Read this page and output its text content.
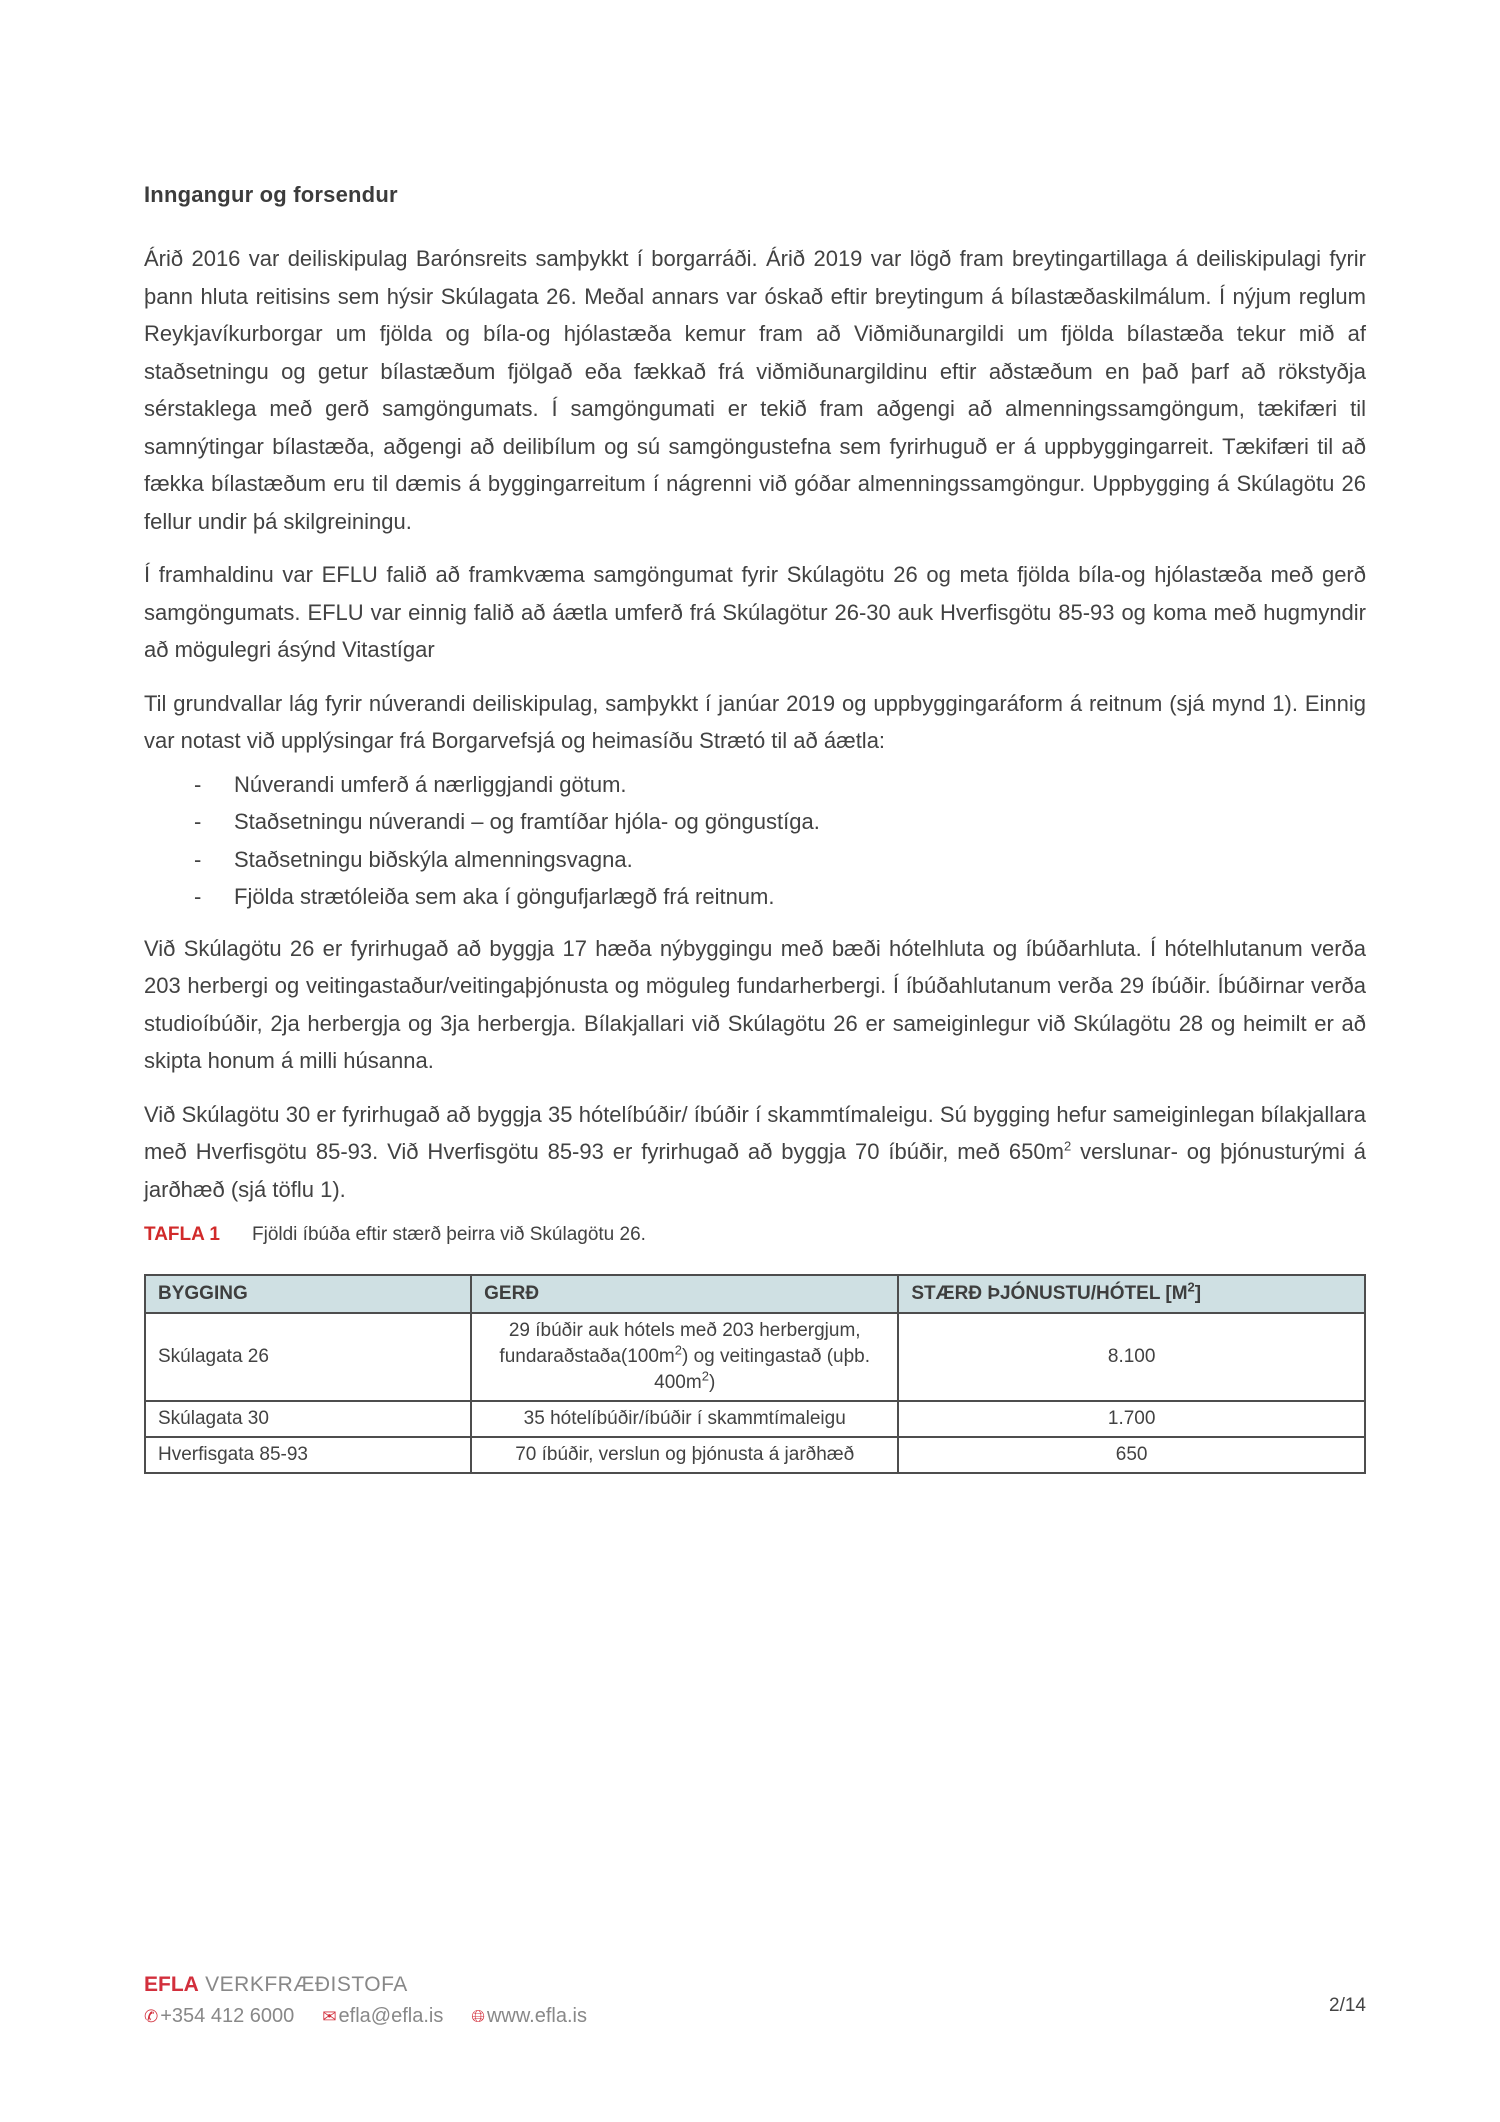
Inngangur og forsendur

Árið 2016 var deiliskipulag Barónsreits samþykkt í borgarráði. Árið 2019 var lögð fram breytingartillaga á deiliskipulagi fyrir þann hluta reitisins sem hýsir Skúlagata 26. Meðal annars var óskað eftir breytingum á bílastæðaskilmálum. Í nýjum reglum Reykjavíkurborgar um fjölda og bíla-og hjólastæða kemur fram að Viðmiðunargildi um fjölda bílastæða tekur mið af staðsetningu og getur bílastæðum fjölgað eða fækkað frá viðmiðunargildinu eftir aðstæðum en það þarf að rökstyðja sérstaklega með gerð samgöngumats. Í samgöngumati er tekið fram aðgengi að almenningssamgöngum, tækifæri til samnýtingar bílastæða, aðgengi að deilibílum og sú samgöngustefna sem fyrirhuguð er á uppbyggingarreit. Tækifæri til að fækka bílastæðum eru til dæmis á byggingarreitum í nágrenni við góðar almenningssamgöngur. Uppbygging á Skúlagötu 26 fellur undir þá skilgreiningu.

Í framhaldinu var EFLU falið að framkvæma samgöngumat fyrir Skúlagötu 26 og meta fjölda bíla-og hjólastæða með gerð samgöngumats. EFLU var einnig falið að áætla umferð frá Skúlagötur 26-30 auk Hverfisgötu 85-93 og koma með hugmyndir að mögulegri ásýnd Vitastígar

Til grundvallar lág fyrir núverandi deiliskipulag, samþykkt í janúar 2019 og uppbyggingaráform á reitnum (sjá mynd 1). Einnig var notast við upplýsingar frá Borgarvefsjá og heimasíðu Strætó til að áætla:

- Núverandi umferð á nærliggjandi götum.
- Staðsetningu núverandi – og framtíðar hjóla- og göngustíga.
- Staðsetningu biðskýla almenningsvagna.
- Fjölda strætóleiða sem aka í göngufjarlægð frá reitnum.

Við Skúlagötu 26 er fyrirhugað að byggja 17 hæða nýbyggingu með bæði hótelhluta og íbúðarhluta. Í hótelhlutanum verða 203 herbergi og veitingastaður/veitingaþjónusta og möguleg fundarherbergi. Í íbúðahlutanum verða 29 íbúðir. Íbúðirnar verða studioíbúðir, 2ja herbergja og 3ja herbergja. Bílakjallari við Skúlagötu 26 er sameiginlegur við Skúlagötu 28 og heimilt er að skipta honum á milli húsanna.

Við Skúlagötu 30 er fyrirhugað að byggja 35 hótelíbúðir/ íbúðir í skammtímaleigu. Sú bygging hefur sameiginlegan bílakjallara með Hverfisgötu 85-93. Við Hverfisgötu 85-93 er fyrirhugað að byggja 70 íbúðir, með $650m^2$ verslunar- og þjónusturými á jarðhæð (sjá töflu 1).

TAFLA 1	Fjöldi íbúða eftir stærð þeirra við Skúlagötu 26.
BYGGING	GERÐ	STÆRÐ ÞJÓNUSTU/HÓTEL $[M^2]$
Skúlagata 26	29 íbúðir auk hótels með 203 herbergjum, $fundaraðstaða(100m^2)$ og veitingastað (uþb. $400m^2$)	8.100
Skúlagata 30	35 hótelíbúðir/íbúðir í skammtímaleigu	1.700
Hverfisgata 85-93	70 íbúðir, verslun og þjónusta á jarðhæð	650
EFLA VERKFRÆÐISTOFA
✆ +354 412 6000 ✉ efla@efla.is 🌐︎ www.efla.is	2/14
